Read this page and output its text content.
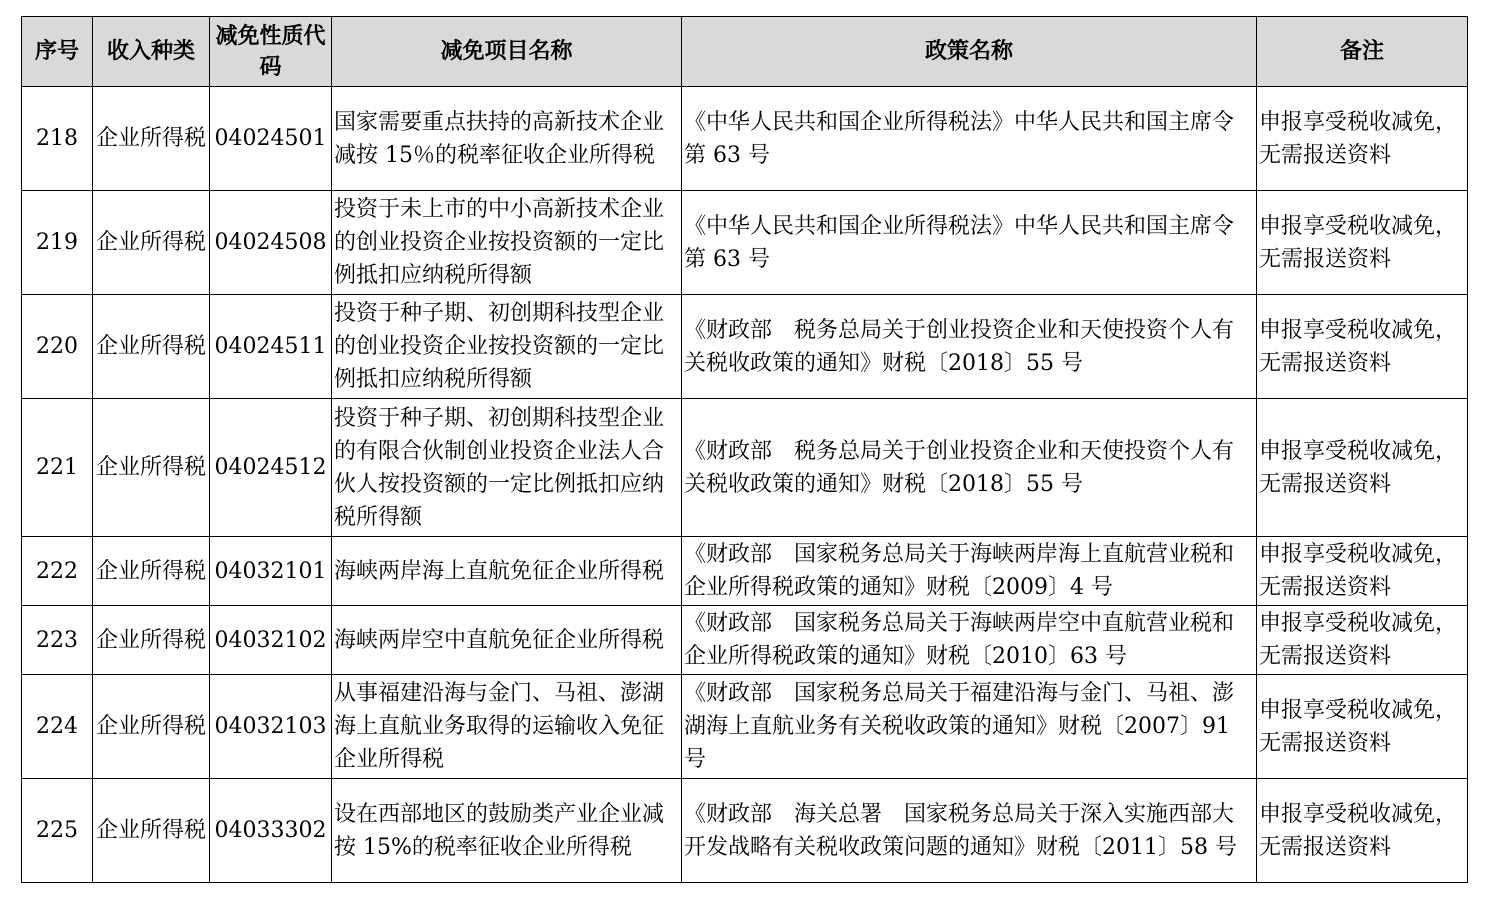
序号	收入种类	减免性质代码	减免项目名称	政策名称	备注
218	企业所得税	04024501	国家需要重点扶持的高新技术企业减按 15％的税率征收企业所得税	《中华人民共和国企业所得税法》中华人民共和国主席令第 63 号	申报享受税收减免，无需报送资料
219	企业所得税	04024508	投资于未上市的中小高新技术企业的创业投资企业按投资额的一定比例抵扣应纳税所得额	《中华人民共和国企业所得税法》中华人民共和国主席令第 63 号	申报享受税收减免，无需报送资料
220	企业所得税	04024511	投资于种子期、初创期科技型企业的创业投资企业按投资额的一定比例抵扣应纳税所得额	《财政部　税务总局关于创业投资企业和天使投资个人有关税收政策的通知》财税〔2018〕55 号	申报享受税收减免，无需报送资料
221	企业所得税	04024512	投资于种子期、初创期科技型企业的有限合伙制创业投资企业法人合伙人按投资额的一定比例抵扣应纳税所得额	《财政部　税务总局关于创业投资企业和天使投资个人有关税收政策的通知》财税〔2018〕55 号	申报享受税收减免，无需报送资料
222	企业所得税	04032101	海峡两岸海上直航免征企业所得税	《财政部　国家税务总局关于海峡两岸海上直航营业税和企业所得税政策的通知》财税〔2009〕4 号	申报享受税收减免，无需报送资料
223	企业所得税	04032102	海峡两岸空中直航免征企业所得税	《财政部　国家税务总局关于海峡两岸空中直航营业税和企业所得税政策的通知》财税〔2010〕63 号	申报享受税收减免，无需报送资料
224	企业所得税	04032103	从事福建沿海与金门、马祖、澎湖海上直航业务取得的运输收入免征企业所得税	《财政部　国家税务总局关于福建沿海与金门、马祖、澎湖海上直航业务有关税收政策的通知》财税〔2007〕91 号	申报享受税收减免，无需报送资料
225	企业所得税	04033302	设在西部地区的鼓励类产业企业减按 15%的税率征收企业所得税	《财政部　海关总署　国家税务总局关于深入实施西部大开发战略有关税收政策问题的通知》财税〔2011〕58 号	申报享受税收减免，无需报送资料
